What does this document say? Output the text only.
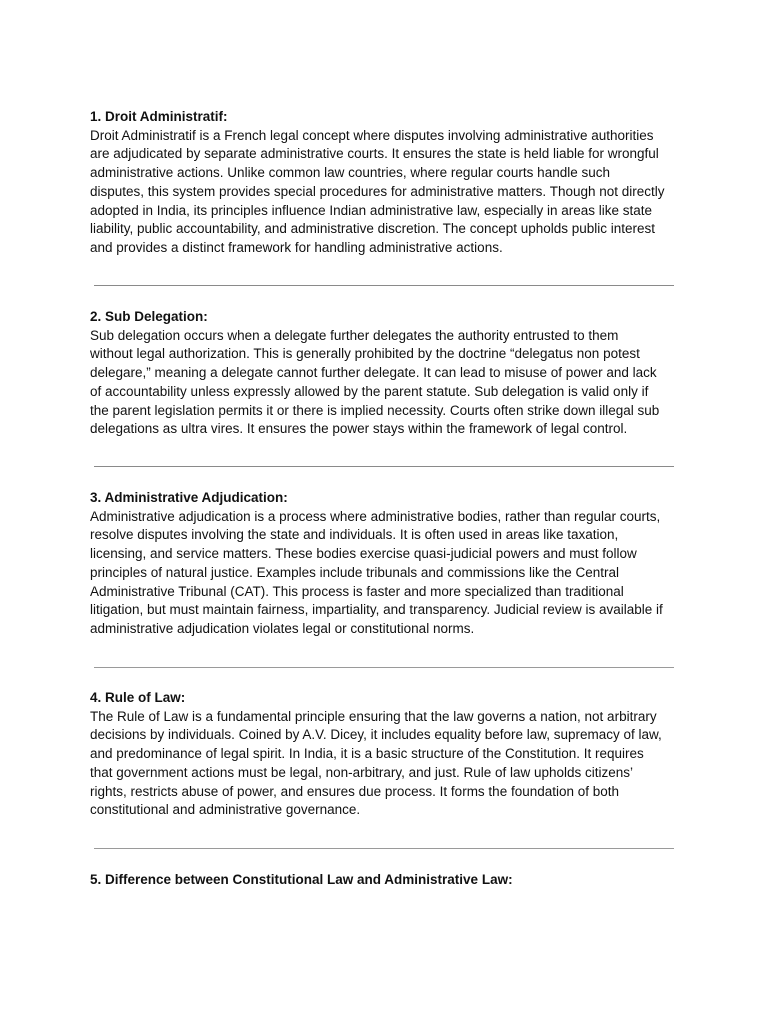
1. Droit Administratif:

Droit Administratif is a French legal concept where disputes involving administrative authorities
are adjudicated by separate administrative courts. It ensures the state is held liable for wrongful
administrative actions. Unlike common law countries, where regular courts handle such
disputes, this system provides special procedures for administrative matters. Though not directly
adopted in India, its principles influence Indian administrative law, especially in areas like state
liability, public accountability, and administrative discretion. The concept upholds public interest
and provides a distinct framework for handling administrative actions.

2. Sub Delegation:

Sub delegation occurs when a delegate further delegates the authority entrusted to them
without legal authorization. This is generally prohibited by the doctrine “delegatus non potest
delegare,” meaning a delegate cannot further delegate. It can lead to misuse of power and lack
of accountability unless expressly allowed by the parent statute. Sub delegation is valid only if
the parent legislation permits it or there is implied necessity. Courts often strike down illegal sub
delegations as ultra vires. It ensures the power stays within the framework of legal control.

3. Administrative Adjudication:

Administrative adjudication is a process where administrative bodies, rather than regular courts,
resolve disputes involving the state and individuals. It is often used in areas like taxation,
licensing, and service matters. These bodies exercise quasi-judicial powers and must follow
principles of natural justice. Examples include tribunals and commissions like the Central
Administrative Tribunal (CAT). This process is faster and more specialized than traditional
litigation, but must maintain fairness, impartiality, and transparency. Judicial review is available if
administrative adjudication violates legal or constitutional norms.

4. Rule of Law:

The Rule of Law is a fundamental principle ensuring that the law governs a nation, not arbitrary
decisions by individuals. Coined by A.V. Dicey, it includes equality before law, supremacy of law,
and predominance of legal spirit. In India, it is a basic structure of the Constitution. It requires
that government actions must be legal, non-arbitrary, and just. Rule of law upholds citizens’
rights, restricts abuse of power, and ensures due process. It forms the foundation of both
constitutional and administrative governance.

5. Difference between Constitutional Law and Administrative Law:
